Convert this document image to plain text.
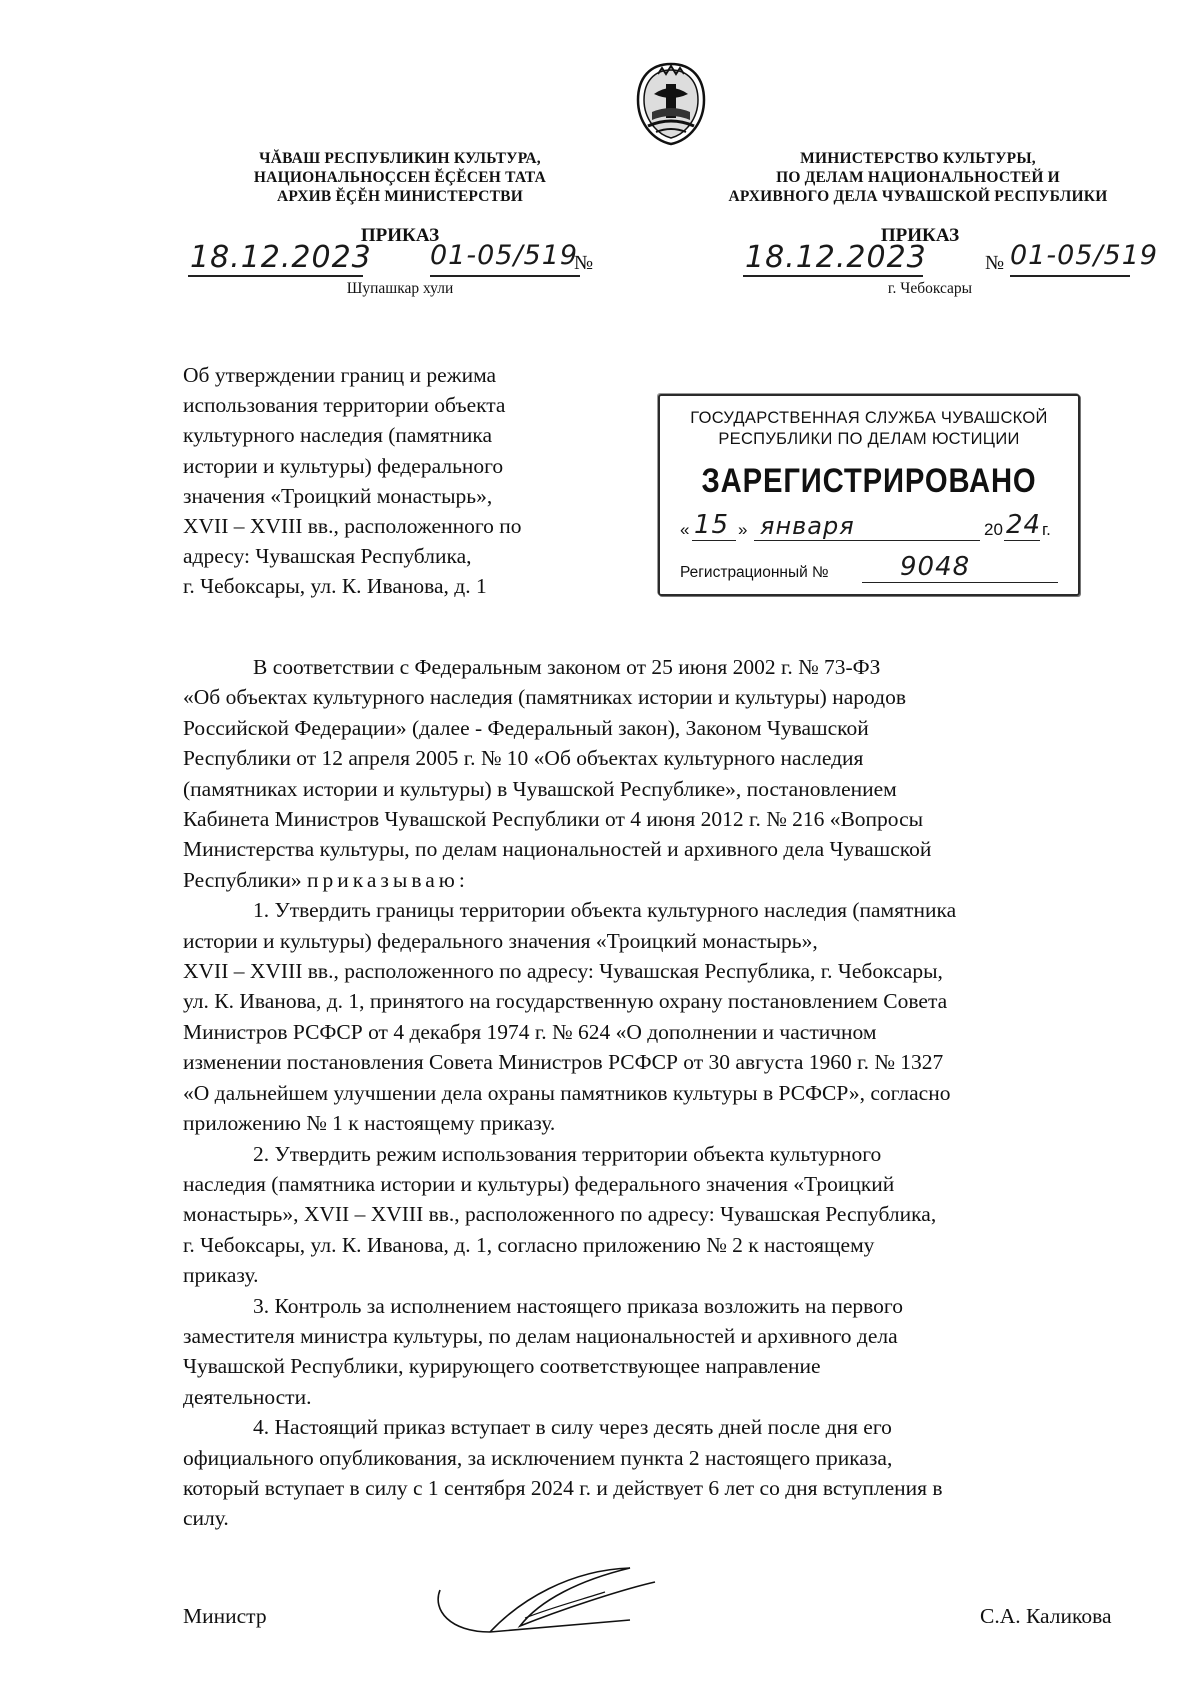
ЧĂВАШ РЕСПУБЛИКИН КУЛЬТУРА,
НАЦИОНАЛЬНОÇСЕН ĔÇĔСЕН ТАТА
АРХИВ ĔÇĔН МИНИСТЕРСТВИ
МИНИСТЕРСТВО КУЛЬТУРЫ,
ПО ДЕЛАМ НАЦИОНАЛЬНОСТЕЙ И
АРХИВНОГО ДЕЛА ЧУВАШСКОЙ РЕСПУБЛИКИ
ПРИКАЗ
18.12.2023 01-05/519
№
Шупашкар хули
ПРИКАЗ
18.12.2023	№ 01-05/519
г. Чебоксары
Об утверждении границ и режима
использования территории объекта
культурного наследия (памятника
истории и культуры) федерального
значения «Троицкий монастырь»,
XVII – XVIII вв., расположенного по
адресу: Чувашская Республика,
г. Чебоксары, ул. К. Иванова, д. 1
ГОСУДАРСТВЕННАЯ СЛУЖБА ЧУВАШСКОЙ
РЕСПУБЛИКИ ПО ДЕЛАМ ЮСТИЦИИ
ЗАРЕГИСТРИРОВАНО
« 15 » января	20 24 г.
Регистрационный №	9048
В соответствии с Федеральным законом от 25 июня 2002 г. № 73-ФЗ
«Об объектах культурного наследия (памятниках истории и культуры) народов
Российской Федерации» (далее - Федеральный закон), Законом Чувашской
Республики от 12 апреля 2005 г. № 10 «Об объектах культурного наследия
(памятниках истории и культуры) в Чувашской Республике», постановлением
Кабинета Министров Чувашской Республики от 4 июня 2012 г. № 216 «Вопросы
Министерства культуры, по делам национальностей и архивного дела Чувашской
Республики» приказываю:
1. Утвердить границы территории объекта культурного наследия (памятника
истории и культуры) федерального значения «Троицкий монастырь»,
XVII – XVIII вв., расположенного по адресу: Чувашская Республика, г. Чебоксары,
ул. К. Иванова, д. 1, принятого на государственную охрану постановлением Совета
Министров РСФСР от 4 декабря 1974 г. № 624 «О дополнении и частичном
изменении постановления Совета Министров РСФСР от 30 августа 1960 г. № 1327
«О дальнейшем улучшении дела охраны памятников культуры в РСФСР», согласно
приложению № 1 к настоящему приказу.
2. Утвердить режим использования территории объекта культурного
наследия (памятника истории и культуры) федерального значения «Троицкий
монастырь», XVII – XVIII вв., расположенного по адресу: Чувашская Республика,
г. Чебоксары, ул. К. Иванова, д. 1, согласно приложению № 2 к настоящему
приказу.
3. Контроль за исполнением настоящего приказа возложить на первого
заместителя министра культуры, по делам национальностей и архивного дела
Чувашской Республики, курирующего соответствующее направление
деятельности.
4. Настоящий приказ вступает в силу через десять дней после дня его
официального опубликования, за исключением пункта 2 настоящего приказа,
который вступает в силу с 1 сентября 2024 г. и действует 6 лет со дня вступления в
силу.
Министр	С.А. Каликова
